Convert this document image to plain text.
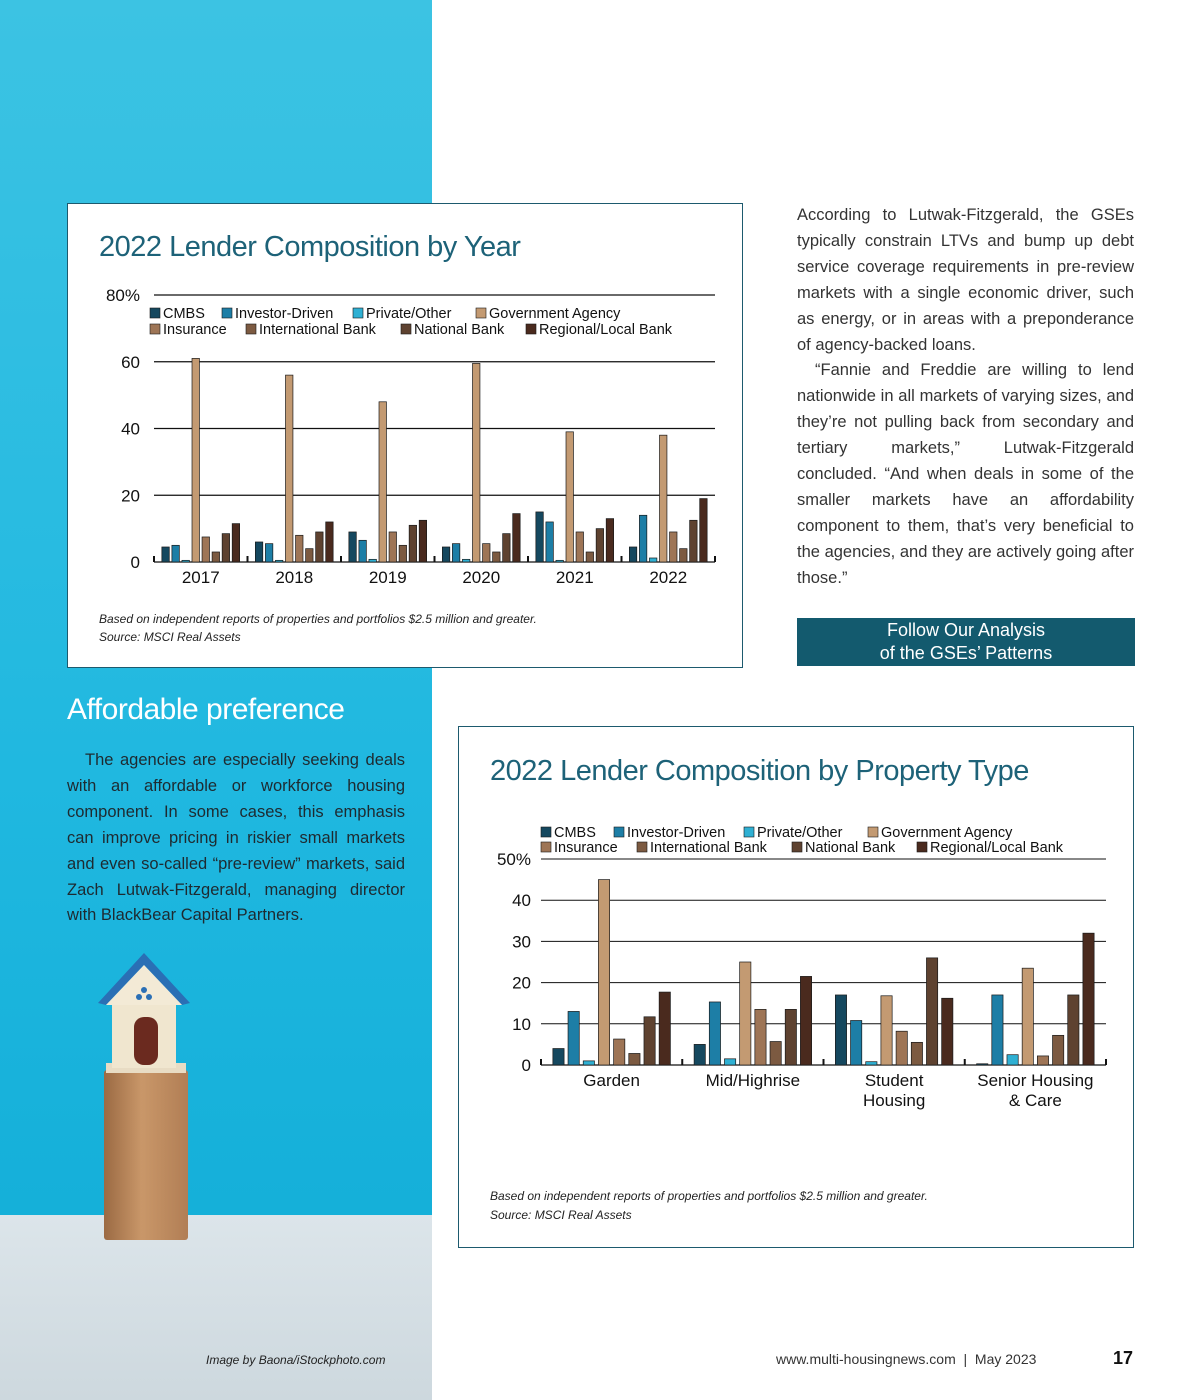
2022 Lender Composition by Year
0
20
40
60
80%
2017	2018	2019	2020	2021	2022
CMBS Investor-Driven Private/Other	Government Agency
Insurance International Bank	National Bank Regional/Local Bank
Based on independent reports of properties and portfolios $2.5 million and greater.
Source: MSCI Real Assets
2022 Lender Composition by Property Type
0
10
20
30
40
50%
Garden	Mid/Highrise	Student
Housing
Senior Housing
& Care
CMBS Investor-Driven Private/Other	Government Agency
Insurance International Bank	National Bank Regional/Local Bank
Based on independent reports of properties and portfolios $2.5 million and greater.
Source: MSCI Real Assets

According to Lutwak-Fitzgerald, the GSEs typically constrain LTVs and bump up debt service coverage requirements in pre-review markets with a single economic driver, such as energy, or in areas with a preponderance of agency-backed loans.

“Fannie and Freddie are willing to lend nationwide in all markets of varying sizes, and they’re not pulling back from secondary and tertiary markets,” Lutwak-Fitzgerald concluded. “And when deals in some of the smaller markets have an affordability component to them, that’s very beneficial to the agencies, and they are actively going after those.”

Follow Our Analysis
of the GSEs’ Patterns
Affordable preference

The agencies are especially seeking deals with an affordable or workforce housing component. In some cases, this emphasis can improve pricing in riskier small markets and even so-called “pre-review” markets, said Zach Lutwak-Fitzgerald, managing director with BlackBear Capital Partners.

Image by Baona/iStockphoto.com	www.multi-housingnews.com  |  May 2023	17
